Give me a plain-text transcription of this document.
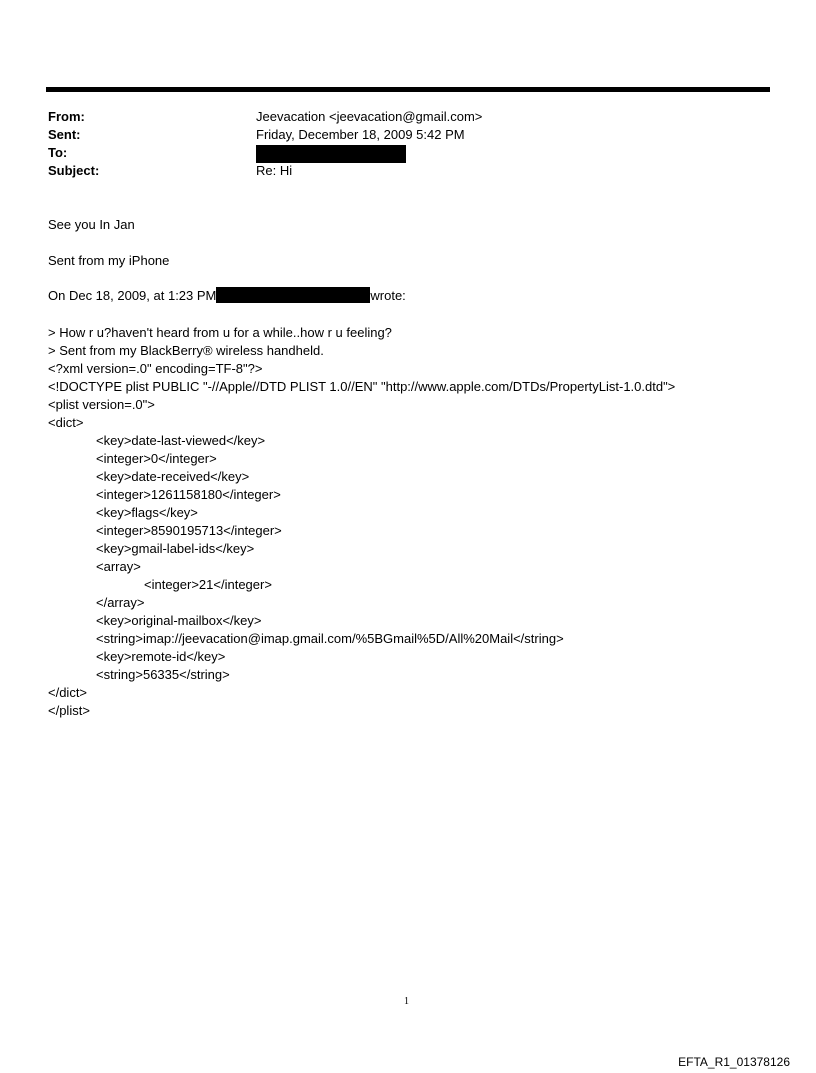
From:	Jeevacation <jeevacation@gmail.com>
Sent:	Friday, December 18, 2009 5:42 PM
To:
Subject:	Re: Hi
See you In Jan
Sent from my iPhone
On Dec 18, 2009, at 1:23 PM	wrote:
> How r u?haven't heard from u for a while..how r u feeling?
> Sent from my BlackBerry® wireless handheld.
<?xml version=.0" encoding=TF-8"?>
<!DOCTYPE plist PUBLIC "-//Apple//DTD PLIST 1.0//EN" "http://www.apple.com/DTDs/PropertyList-1.0.dtd">
<plist version=.0">
<dict>
<key>date-last-viewed</key>
<integer>0</integer>
<key>date-received</key>
<integer>1261158180</integer>
<key>flags</key>
<integer>8590195713</integer>
<key>gmail-label-ids</key>
<array>
<integer>21</integer>
</array>
<key>original-mailbox</key>
<string>imap://jeevacation@imap.gmail.com/%5BGmail%5D/All%20Mail</string>
<key>remote-id</key>
<string>56335</string>
</dict>
</plist>
1
EFTA_R1_01378126
